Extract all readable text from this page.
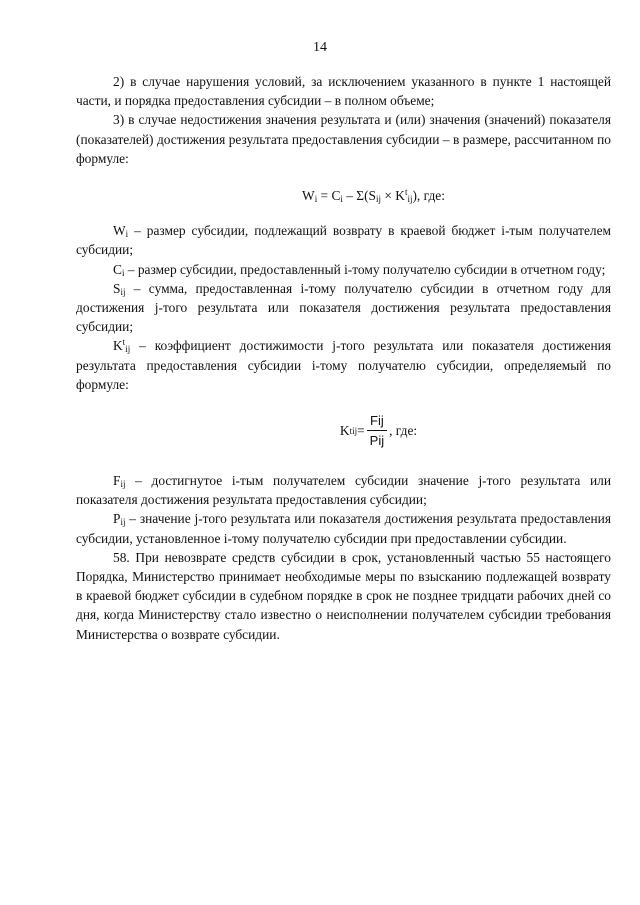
14

2) в случае нарушения условий, за исключением указанного в пункте 1 настоящей части, и порядка предоставления субсидии – в полном объеме;

3) в случае недостижения значения результата и (или) значения (значений) показателя (показателей) достижения результата предоставления субсидии – в размере, рассчитанном по формуле:

$W_i = C_i - \Sigma(S_{ij} \times K^t_{ij})$, где:

$W_i$ – размер субсидии, подлежащий возврату в краевой бюджет i-тым получателем субсидии;

$C_i$ – размер субсидии, предоставленный i-тому получателю субсидии в отчетном году;

$S_{ij}$ – сумма, предоставленная i-тому получателю субсидии в отчетном году для достижения j-того результата или показателя достижения результата предоставления субсидии;

$K^t_{ij}$ – коэффициент достижимости j-того результата или показателя достижения результата предоставления субсидии i-тому получателю субсидии, определяемый по формуле:

K t ij = $\frac{\text{Fij}}{\text{Pij}}$ , где:

$F_{ij}$ – достигнутое i-тым получателем субсидии значение j-того результата или показателя достижения результата предоставления субсидии;

$P_{ij}$ – значение j-того результата или показателя достижения результата предоставления субсидии, установленное i-тому получателю субсидии при предоставлении субсидии.

58. При невозврате средств субсидии в срок, установленный частью 55 настоящего Порядка, Министерство принимает необходимые меры по взысканию подлежащей возврату в краевой бюджет субсидии в судебном порядке в срок не позднее тридцати рабочих дней со дня, когда Министерству стало известно о неисполнении получателем субсидии требования Министерства о возврате субсидии.
